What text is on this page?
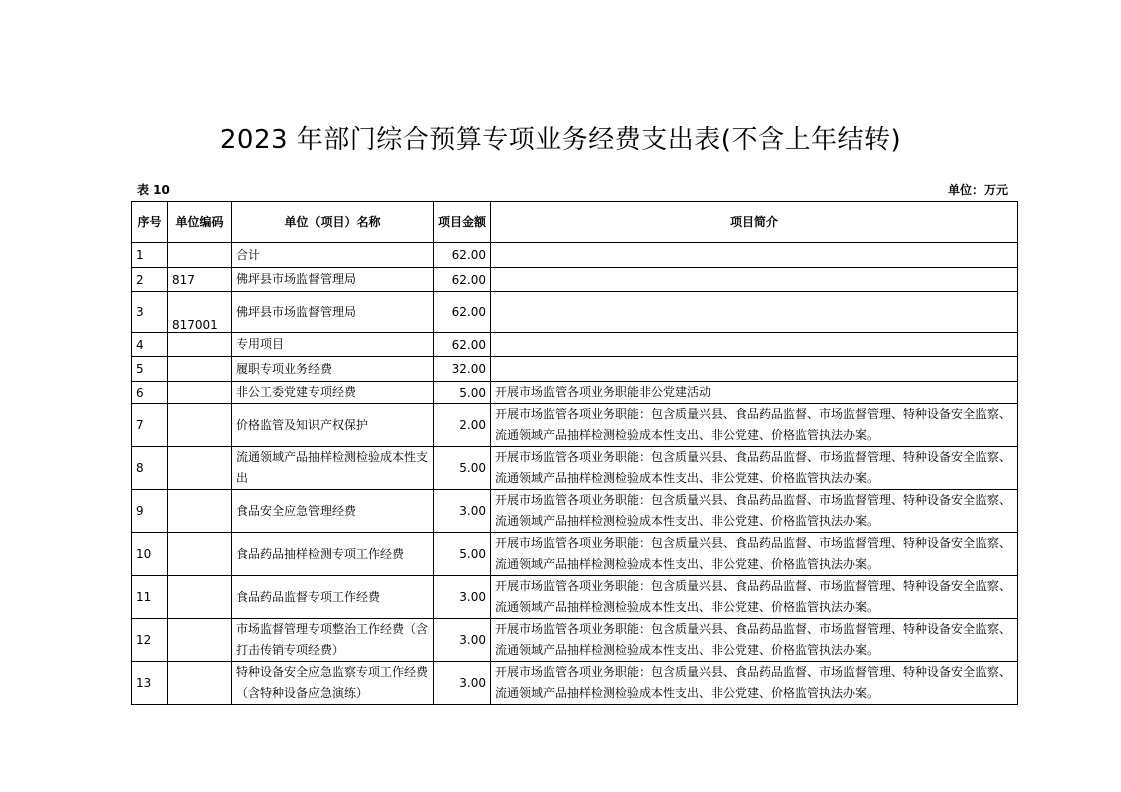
2023 年部门综合预算专项业务经费支出表(不含上年结转)
表 10	单位：万元
序号	单位编码	单位（项目）名称	项目金额	项目简介
1		合计	62.00	
2	817	佛坪县市场监督管理局	62.00	
3	817001	佛坪县市场监督管理局	62.00	
4		专用项目	62.00	
5		履职专项业务经费	32.00	
6		非公工委党建专项经费	5.00	开展市场监管各项业务职能非公党建活动
7		价格监管及知识产权保护	2.00	开展市场监管各项业务职能：包含质量兴县、食品药品监督、市场监督管理、特种设备安全监察、流通领域产品抽样检测检验成本性支出、非公党建、价格监管执法办案。
8		流通领域产品抽样检测检验成本性支出	5.00	开展市场监管各项业务职能：包含质量兴县、食品药品监督、市场监督管理、特种设备安全监察、流通领域产品抽样检测检验成本性支出、非公党建、价格监管执法办案。
9		食品安全应急管理经费	3.00	开展市场监管各项业务职能：包含质量兴县、食品药品监督、市场监督管理、特种设备安全监察、流通领域产品抽样检测检验成本性支出、非公党建、价格监管执法办案。
10		食品药品抽样检测专项工作经费	5.00	开展市场监管各项业务职能：包含质量兴县、食品药品监督、市场监督管理、特种设备安全监察、流通领域产品抽样检测检验成本性支出、非公党建、价格监管执法办案。
11		食品药品监督专项工作经费	3.00	开展市场监管各项业务职能：包含质量兴县、食品药品监督、市场监督管理、特种设备安全监察、流通领域产品抽样检测检验成本性支出、非公党建、价格监管执法办案。
12		市场监督管理专项整治工作经费（含打击传销专项经费）	3.00	开展市场监管各项业务职能：包含质量兴县、食品药品监督、市场监督管理、特种设备安全监察、流通领域产品抽样检测检验成本性支出、非公党建、价格监管执法办案。
13		特种设备安全应急监察专项工作经费（含特种设备应急演练）	3.00	开展市场监管各项业务职能：包含质量兴县、食品药品监督、市场监督管理、特种设备安全监察、流通领域产品抽样检测检验成本性支出、非公党建、价格监管执法办案。
